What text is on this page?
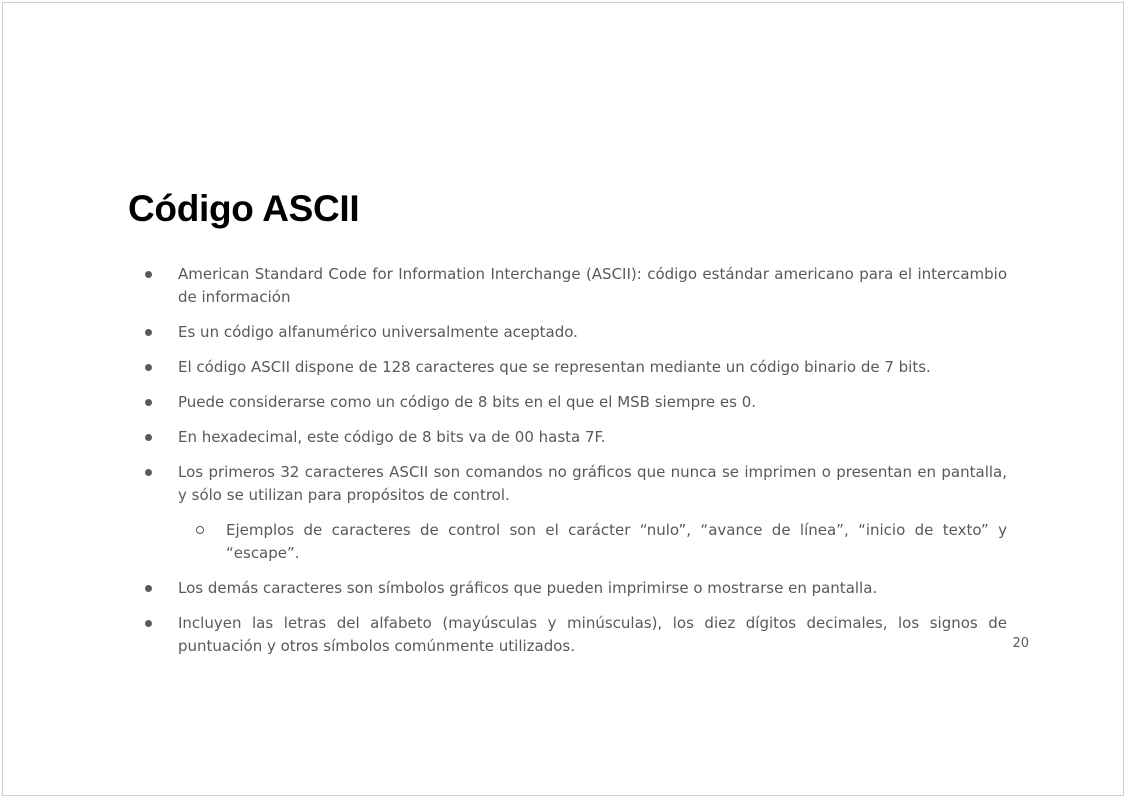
Código ASCII
American Standard Code for Information Interchange (ASCII): código estándar americano para el intercambio de información
Es un código alfanumérico universalmente aceptado.
El código ASCII dispone de 128 caracteres que se representan mediante un código binario de 7 bits.
Puede considerarse como un código de 8 bits en el que el MSB siempre es 0.
En hexadecimal, este código de 8 bits va de 00 hasta 7F.
Los primeros 32 caracteres ASCII son comandos no gráficos que nunca se imprimen o presentan en pantalla, y sólo se utilizan para propósitos de control.
Ejemplos de caracteres de control son el carácter “nulo”, “avance de línea”, “inicio de texto” y “escape”.
Los demás caracteres son símbolos gráficos que pueden imprimirse o mostrarse en pantalla.
Incluyen las letras del alfabeto (mayúsculas y minúsculas), los diez dígitos decimales, los signos de puntuación y otros símbolos comúnmente utilizados.	20
